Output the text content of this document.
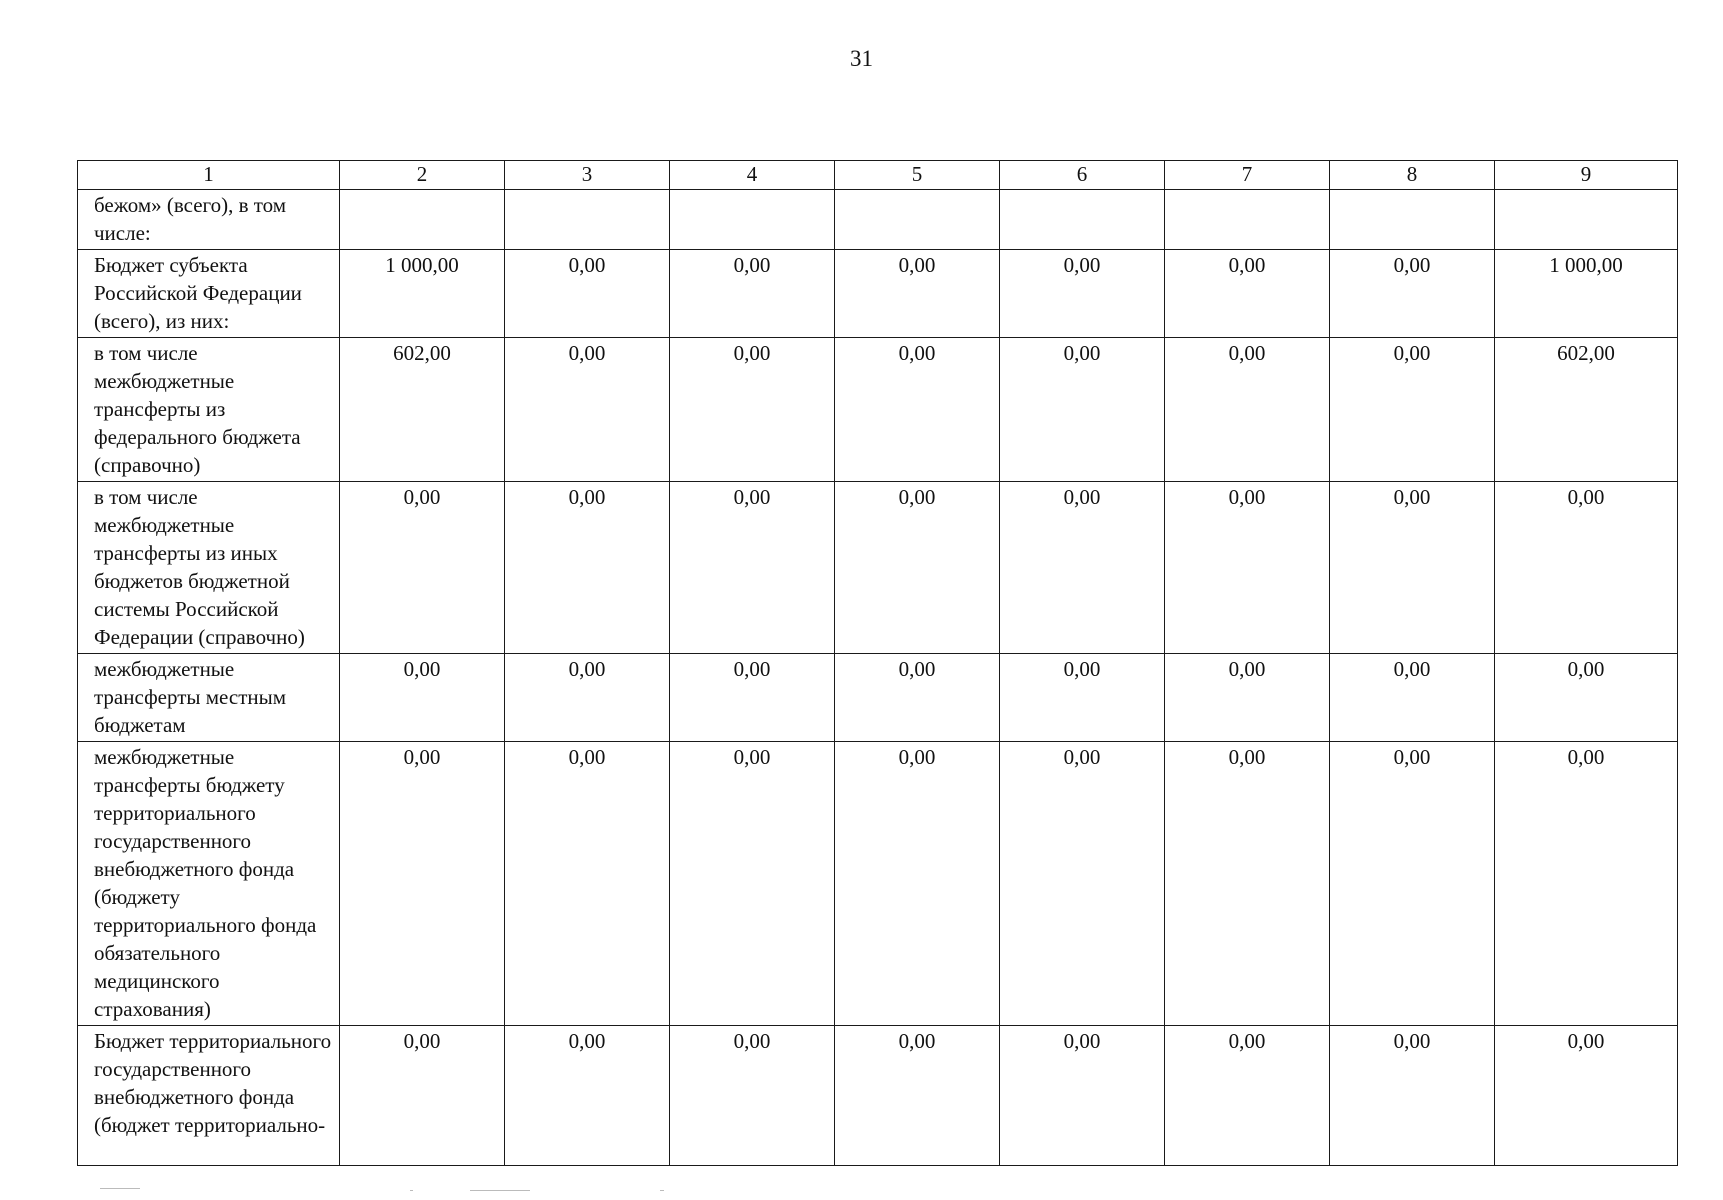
31
1	2	3	4	5	6	7	8	9
бежом» (всего), в том числе:								
Бюджет субъекта Российской Федерации (всего), из них:	1 000,00	0,00	0,00	0,00	0,00	0,00	0,00	1 000,00
в том числе межбюджетные трансферты из федерального бюджета (справочно)	602,00	0,00	0,00	0,00	0,00	0,00	0,00	602,00
в том числе межбюджетные трансферты из иных бюджетов бюджетной системы Российской Федерации (справочно)	0,00	0,00	0,00	0,00	0,00	0,00	0,00	0,00
межбюджетные трансферты местным бюджетам	0,00	0,00	0,00	0,00	0,00	0,00	0,00	0,00
межбюджетные трансферты бюджету территориального государственного внебюджетного фонда (бюджету территориального фонда обязательного медицинского страхования)	0,00	0,00	0,00	0,00	0,00	0,00	0,00	0,00
Бюджет территориального государственного внебюджетного фонда (бюджет территориально-	0,00	0,00	0,00	0,00	0,00	0,00	0,00	0,00
